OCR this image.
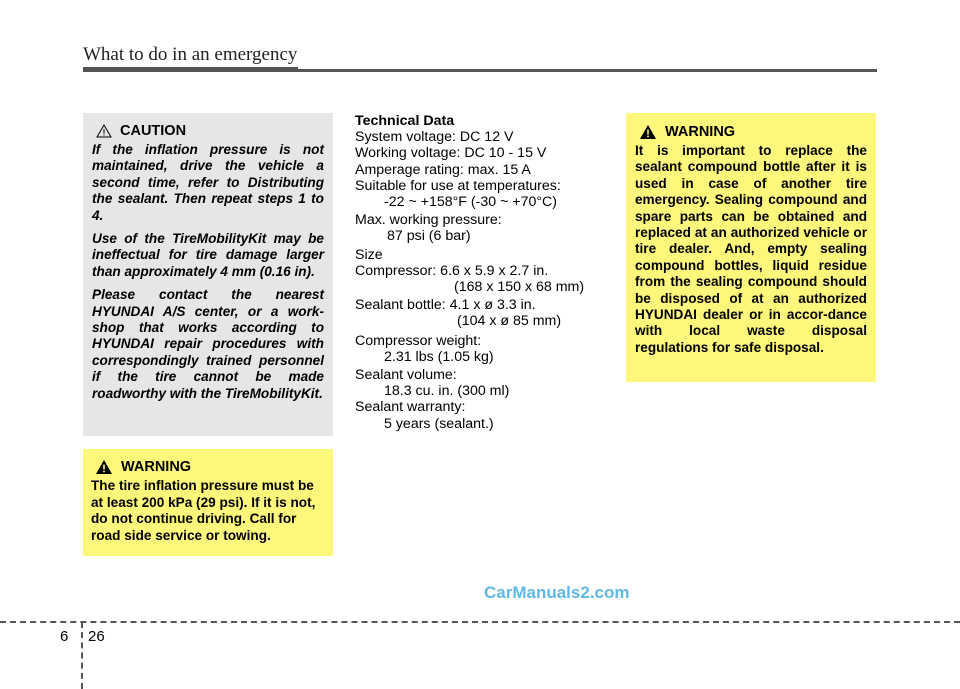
What to do in an emergency
CAUTION

If the inflation pressure is not maintained, drive the vehicle a second time, refer to Distributing the sealant. Then repeat steps 1 to 4.

Use of the TireMobilityKit may be ineffectual for tire damage larger than approximately 4 mm (0.16 in).

Please contact the nearest HYUNDAI A/S center, or a work-shop that works according to HYUNDAI repair procedures with correspondingly trained personnel if the tire cannot be made roadworthy with the TireMobilityKit.

WARNING

The tire inflation pressure must be at least 200 kPa (29 psi). If it is not, do not continue driving. Call for road side service or towing.

Technical Data
System voltage: DC 12 V
Working voltage: DC 10 - 15 V
Amperage rating: max. 15 A
Suitable for use at temperatures:
-22 ~ +158°F (-30 ~ +70°C)
Max. working pressure:
87 psi (6 bar)
Size
Compressor: 6.6 x 5.9 x 2.7 in.
(168 x 150 x 68 mm)
Sealant bottle: 4.1 x ø 3.3 in.
(104 x ø 85 mm)
Compressor weight:
2.31 lbs (1.05 kg)
Sealant volume:
18.3 cu. in. (300 ml)
Sealant warranty:
5 years (sealant.)
WARNING

It is important to replace the sealant compound bottle after it is used in case of another tire emergency. Sealing compound and spare parts can be obtained and replaced at an authorized vehicle or tire dealer. And, empty sealing compound bottles, liquid residue from the sealing compound should be disposed of at an authorized HYUNDAI dealer or in accor-dance with local waste disposal regulations for safe disposal.

CarManuals2.com
6 26
